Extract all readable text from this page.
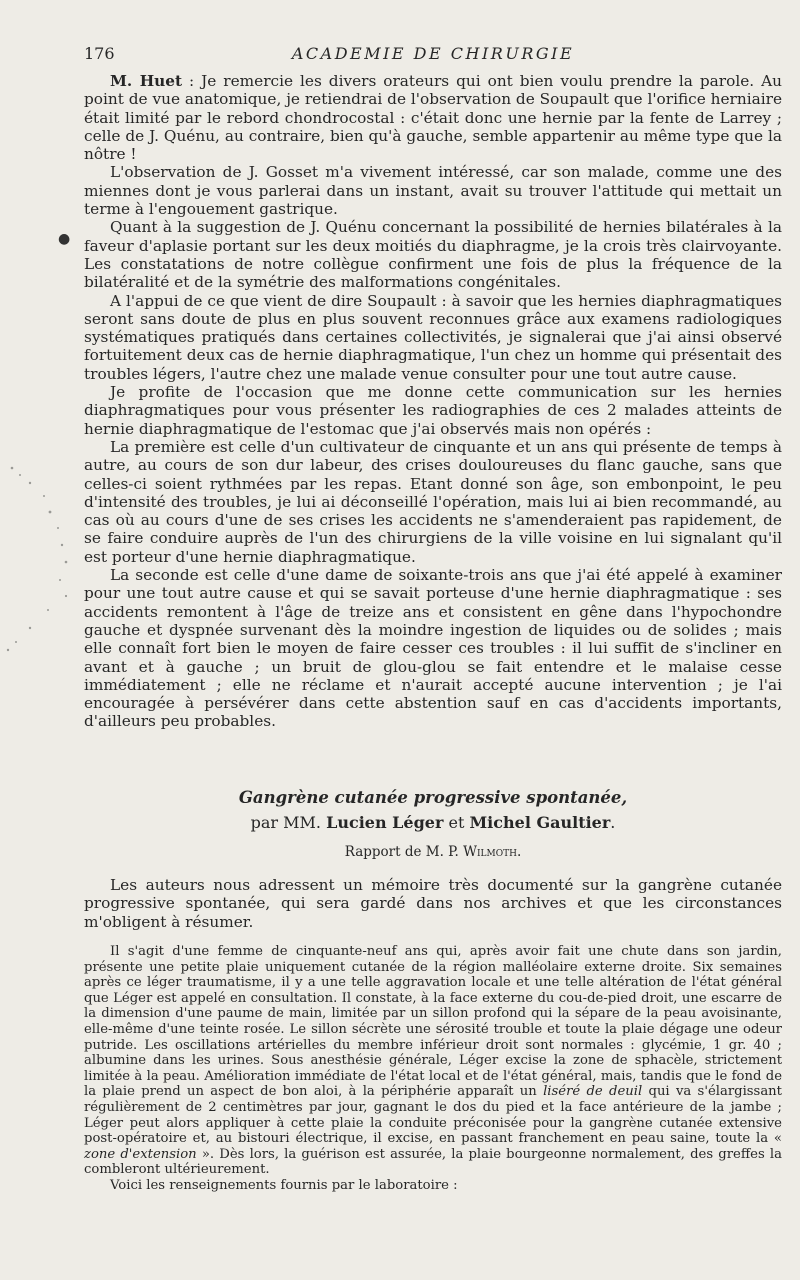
●
176	ACADEMIE DE CHIRURGIE

M. Huet : Je remercie les divers orateurs qui ont bien voulu prendre la parole. Au point de vue anatomique, je retiendrai de l'observation de Soupault que l'orifice herniaire était limité par le rebord chondrocostal : c'était donc une hernie par la fente de Larrey ; celle de J. Quénu, au contraire, bien qu'à gauche, semble appartenir au même type que la nôtre !

L'observation de J. Gosset m'a vivement intéressé, car son malade, comme une des miennes dont je vous parlerai dans un instant, avait su trouver l'attitude qui mettait un terme à l'engouement gastrique.

Quant à la suggestion de J. Quénu concernant la possibilité de hernies bilatérales à la faveur d'aplasie portant sur les deux moitiés du diaphragme, je la crois très clairvoyante. Les constatations de notre collègue confirment une fois de plus la fréquence de la bilatéralité et de la symétrie des malformations congénitales.

A l'appui de ce que vient de dire Soupault : à savoir que les hernies diaphragmatiques seront sans doute de plus en plus souvent reconnues grâce aux examens radiologiques systématiques pratiqués dans certaines collectivités, je signalerai que j'ai ainsi observé fortuitement deux cas de hernie diaphragmatique, l'un chez un homme qui présentait des troubles légers, l'autre chez une malade venue consulter pour une tout autre cause.

Je profite de l'occasion que me donne cette communication sur les hernies diaphragmatiques pour vous présenter les radiographies de ces 2 malades atteints de hernie diaphragmatique de l'estomac que j'ai observés mais non opérés :

La première est celle d'un cultivateur de cinquante et un ans qui présente de temps à autre, au cours de son dur labeur, des crises douloureuses du flanc gauche, sans que celles-ci soient rythmées par les repas. Etant donné son âge, son embonpoint, le peu d'intensité des troubles, je lui ai déconseillé l'opération, mais lui ai bien recommandé, au cas où au cours d'une de ses crises les accidents ne s'amenderaient pas rapidement, de se faire conduire auprès de l'un des chirurgiens de la ville voisine en lui signalant qu'il est porteur d'une hernie diaphragmatique.

La seconde est celle d'une dame de soixante-trois ans que j'ai été appelé à examiner pour une tout autre cause et qui se savait porteuse d'une hernie diaphragmatique : ses accidents remontent à l'âge de treize ans et consistent en gêne dans l'hypochondre gauche et dyspnée survenant dès la moindre ingestion de liquides ou de solides ; mais elle connaît fort bien le moyen de faire cesser ces troubles : il lui suffit de s'incliner en avant et à gauche ; un bruit de glou-glou se fait entendre et le malaise cesse immédiatement ; elle ne réclame et n'aurait accepté aucune intervention ; je l'ai encouragée à persévérer dans cette abstention sauf en cas d'accidents importants, d'ailleurs peu probables.

Gangrène cutanée progressive spontanée,
par MM. Lucien Léger et Michel Gaultier.
Rapport de M. P. Wilmoth.

Les auteurs nous adressent un mémoire très documenté sur la gangrène cutanée progressive spontanée, qui sera gardé dans nos archives et que les circonstances m'obligent à résumer.

Il s'agit d'une femme de cinquante-neuf ans qui, après avoir fait une chute dans son jardin, présente une petite plaie uniquement cutanée de la région malléolaire externe droite. Six semaines après ce léger traumatisme, il y a une telle aggravation locale et une telle altération de l'état général que Léger est appelé en consultation. Il constate, à la face externe du cou-de-pied droit, une escarre de la dimension d'une paume de main, limitée par un sillon profond qui la sépare de la peau avoisinante, elle-même d'une teinte rosée. Le sillon sécrète une sérosité trouble et toute la plaie dégage une odeur putride. Les oscillations artérielles du membre inférieur droit sont normales : glycémie, 1 gr. 40 ; albumine dans les urines. Sous anesthésie générale, Léger excise la zone de sphacèle, strictement limitée à la peau. Amélioration immédiate de l'état local et de l'état général, mais, tandis que le fond de la plaie prend un aspect de bon aloi, à la périphérie apparaît un liséré de deuil qui va s'élargissant régulièrement de 2 centimètres par jour, gagnant le dos du pied et la face antérieure de la jambe ; Léger peut alors appliquer à cette plaie la conduite préconisée pour la gangrène cutanée extensive post-opératoire et, au bistouri électrique, il excise, en passant franchement en peau saine, toute la « zone d'extension ». Dès lors, la guérison est assurée, la plaie bourgeonne normalement, des greffes la combleront ultérieurement.

Voici les renseignements fournis par le laboratoire :
